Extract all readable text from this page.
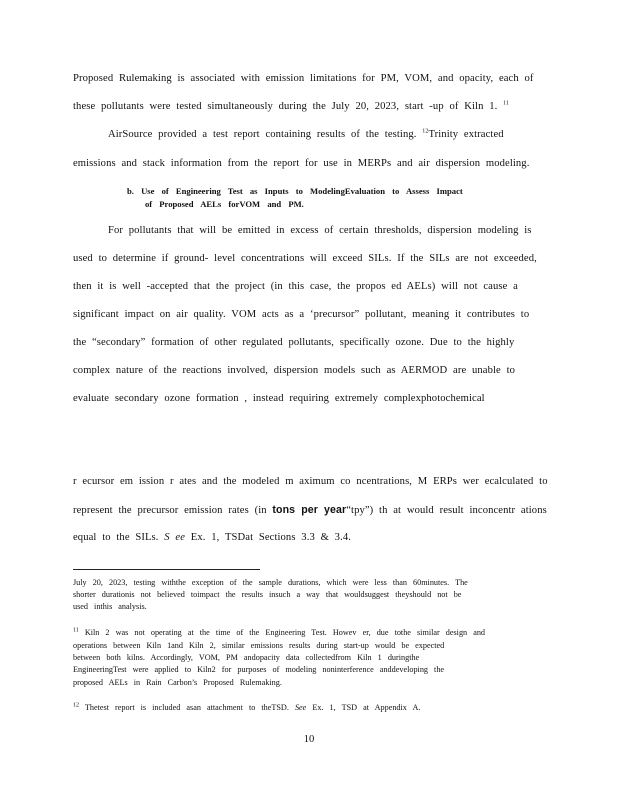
Proposed Rulemaking is associated with emission limitations for PM, VOM, and opacity, each of
these pollutants were tested simultaneously during the July 20, 2023, start -up of Kiln 1. $^{11}$
AirSource provided a test report containing results of the testing. $^{12}$Trinity extracted
emissions and stack information from the report for use in MERPs and air dispersion modeling.
b. Use of Engineering Test as Inputs to ModelingEvaluation to Assess Impact
of Proposed AELs forVOM and PM.
For pollutants that will be emitted in excess of certain thresholds, dispersion modeling is
used to determine if ground- level concentrations will exceed SILs. If the SILs are not exceeded,
then it is well -accepted that the project (in this case, the propos ed AELs) will not cause a
significant impact on air quality. VOM acts as a ‘precursor” pollutant, meaning it contributes to
the “secondary” formation of other regulated pollutants, specifically ozone. Due to the highly
complex nature of the reactions involved, dispersion models such as AERMOD are unable to
evaluate secondary ozone formation , instead requiring extremely complexphotochemical
r ecursor em ission r ates and the modeled m aximum co ncentrations, M ERPs wer ecalculated to
represent the precursor emission rates (in tons per year“tpy”) th at would result inconcentr ations
equal to the SILs. S ee Ex. 1, TSDat Sections 3.3 & 3.4.
July 20, 2023, testing withthe exception of the sample durations, which were less than 60minutes. The
shorter durationis not believed toimpact the results insuch a way that wouldsuggest theyshould not be
used inthis analysis.
$^{11}$ Kiln 2 was not operating at the time of the Engineering Test. Howev er, due tothe similar design and
operations between Kiln 1and Kiln 2, similar emissions results during start-up would be expected
between both kilns. Accordingly, VOM, PM andopacity data collectedfrom Kiln 1 duringthe
EngineeringTest were applied to Kiln2 for purposes of modeling noninterference anddeveloping the
proposed AELs in Rain Carbon’s Proposed Rulemaking.
$^{12}$ Thetest report is included asan attachment to theTSD. See Ex. 1, TSD at Appendix A.
10
